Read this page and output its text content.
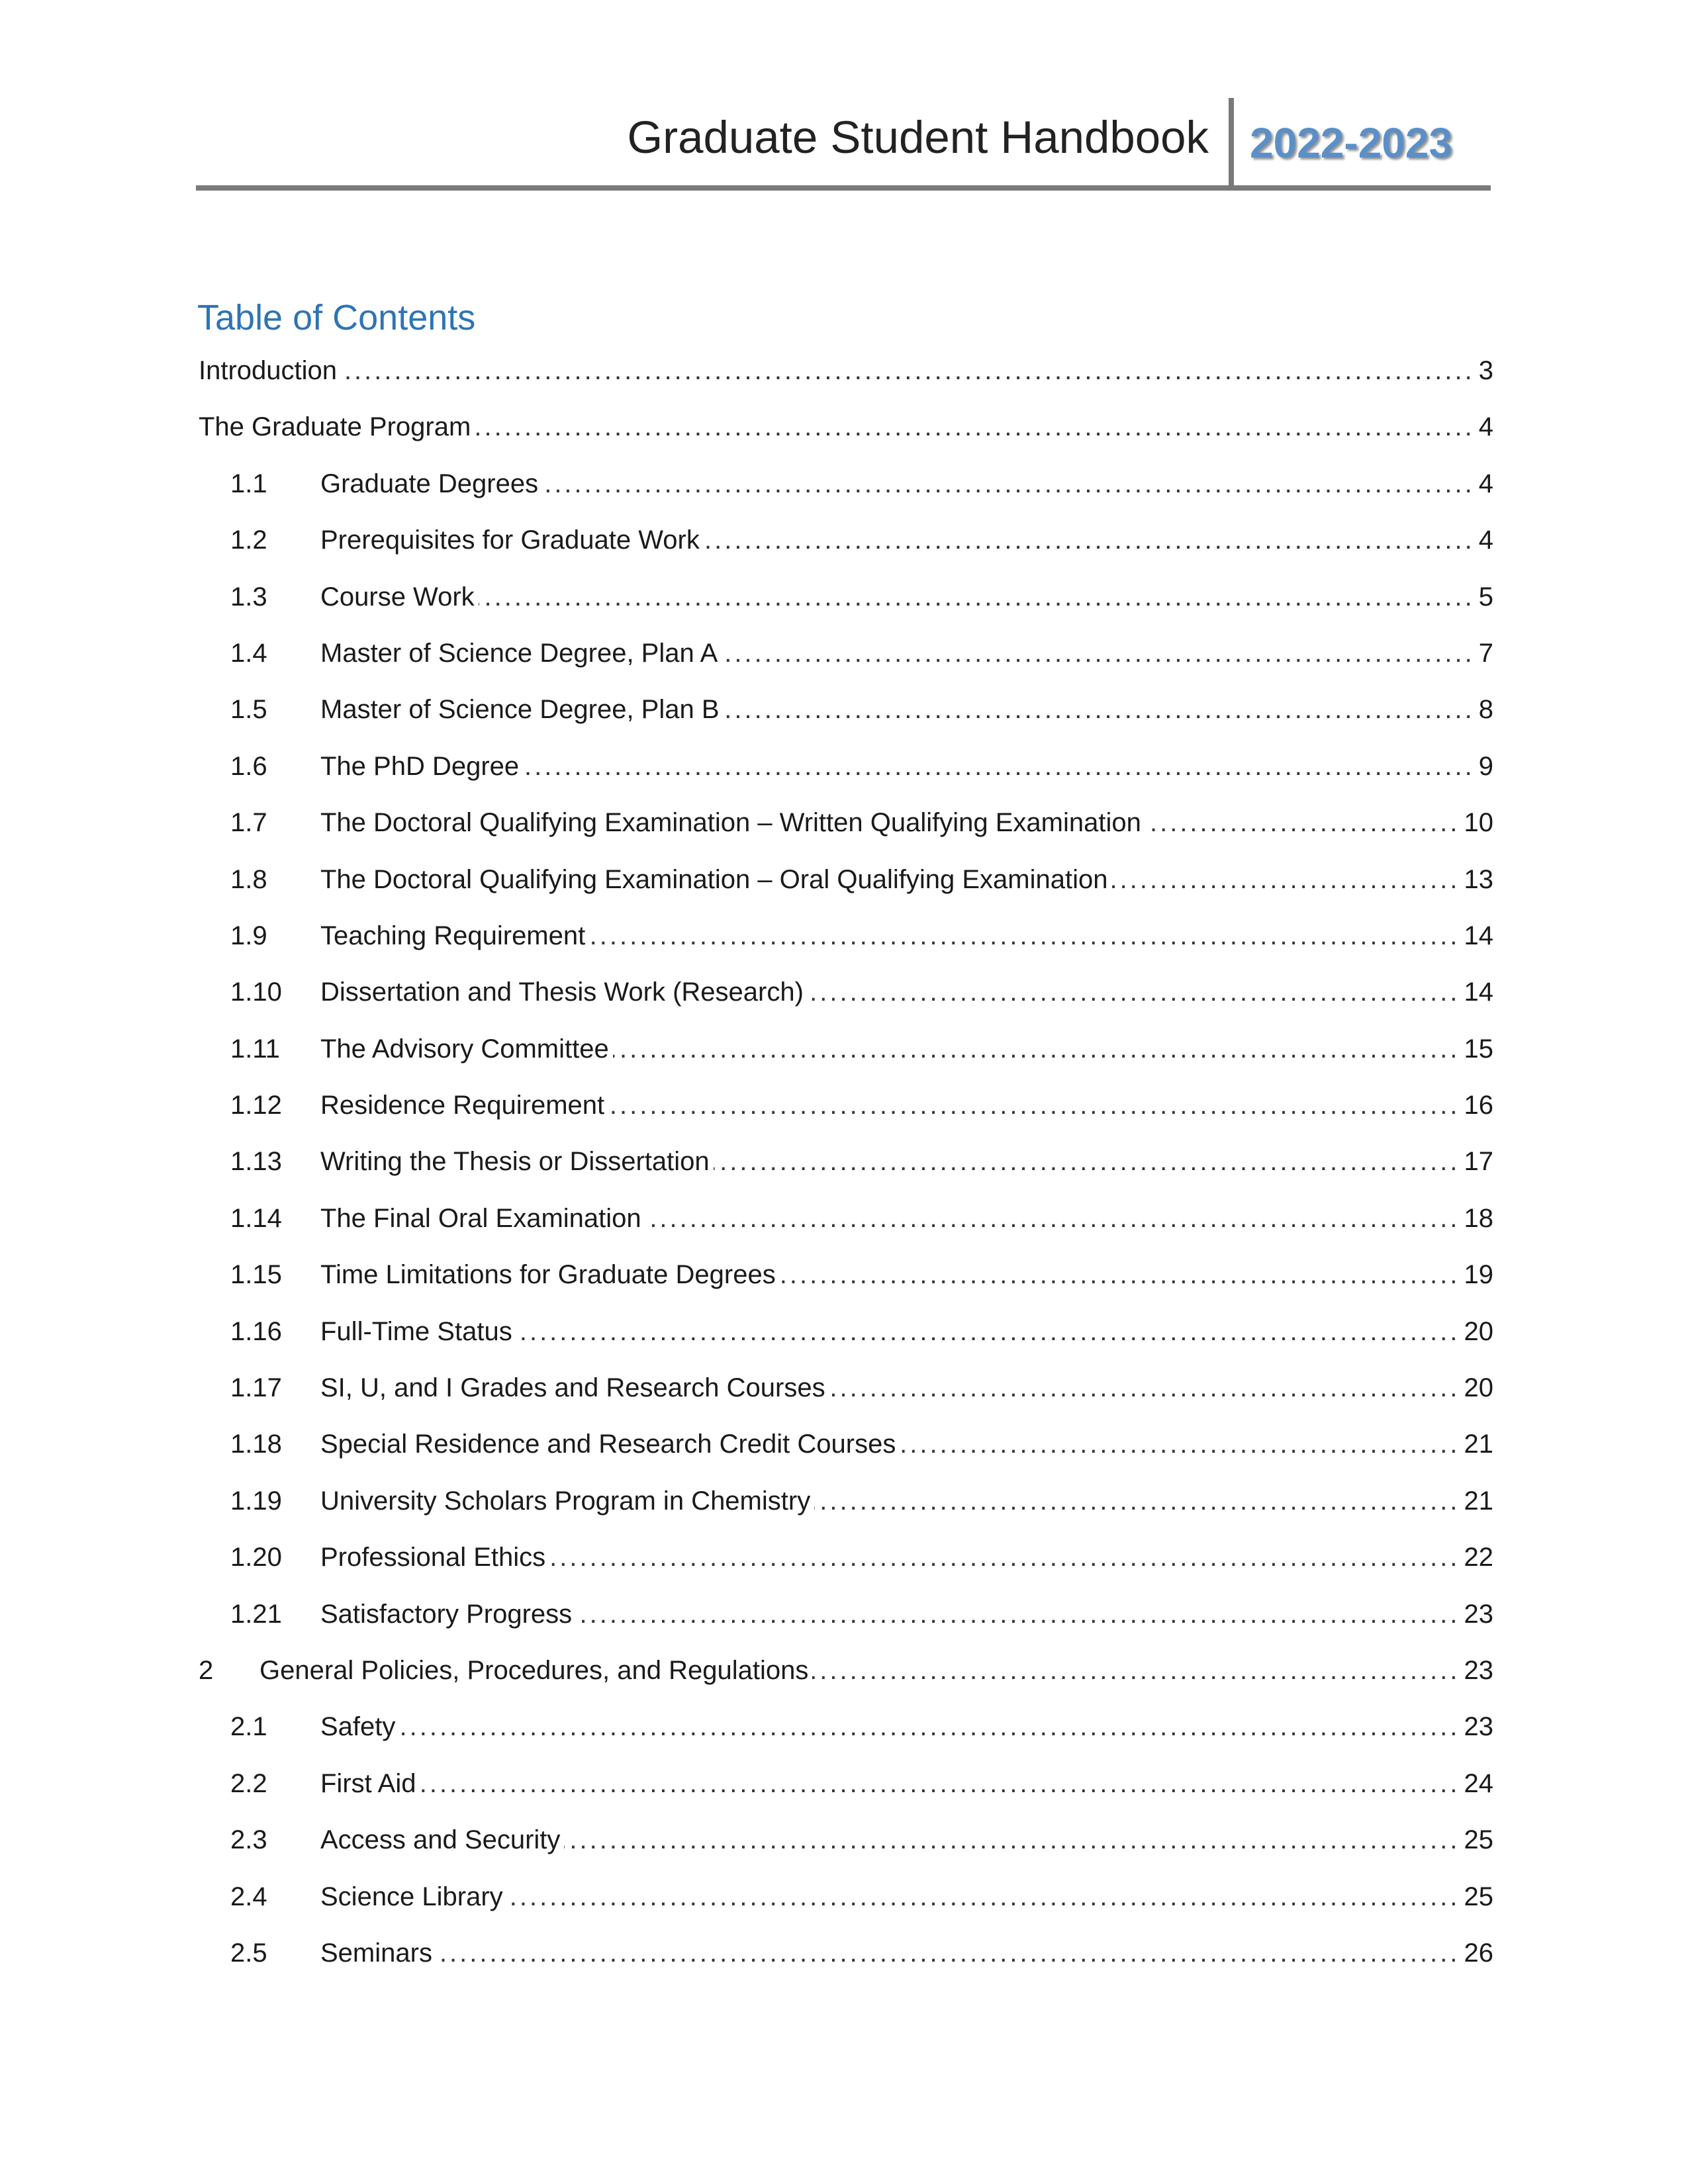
Graduate Student Handbook 2022-2023
Table of Contents
Introduction .....	3
The Graduate Program .....	4
1.1	Graduate Degrees .....	4
1.2	Prerequisites for Graduate Work .....	4
1.3	Course Work .....	5
1.4	Master of Science Degree, Plan A .....	7
1.5	Master of Science Degree, Plan B .....	8
1.6	The PhD Degree .....	9
1.7	The Doctoral Qualifying Examination – Written Qualifying Examination .....	10
1.8	The Doctoral Qualifying Examination – Oral Qualifying Examination .....	13
1.9	Teaching Requirement .....	14
1.10	Dissertation and Thesis Work (Research) .....	14
1.11	The Advisory Committee .....	15
1.12	Residence Requirement .....	16
1.13	Writing the Thesis or Dissertation .....	17
1.14	The Final Oral Examination .....	18
1.15	Time Limitations for Graduate Degrees .....	19
1.16	Full-Time Status .....	20
1.17	SI, U, and I Grades and Research Courses .....	20
1.18	Special Residence and Research Credit Courses .....	21
1.19	University Scholars Program in Chemistry .....	21
1.20	Professional Ethics .....	22
1.21	Satisfactory Progress .....	23
2	General Policies, Procedures, and Regulations .....	23
2.1	Safety .....	23
2.2	First Aid .....	24
2.3	Access and Security .....	25
2.4	Science Library .....	25
2.5	Seminars .....	26
